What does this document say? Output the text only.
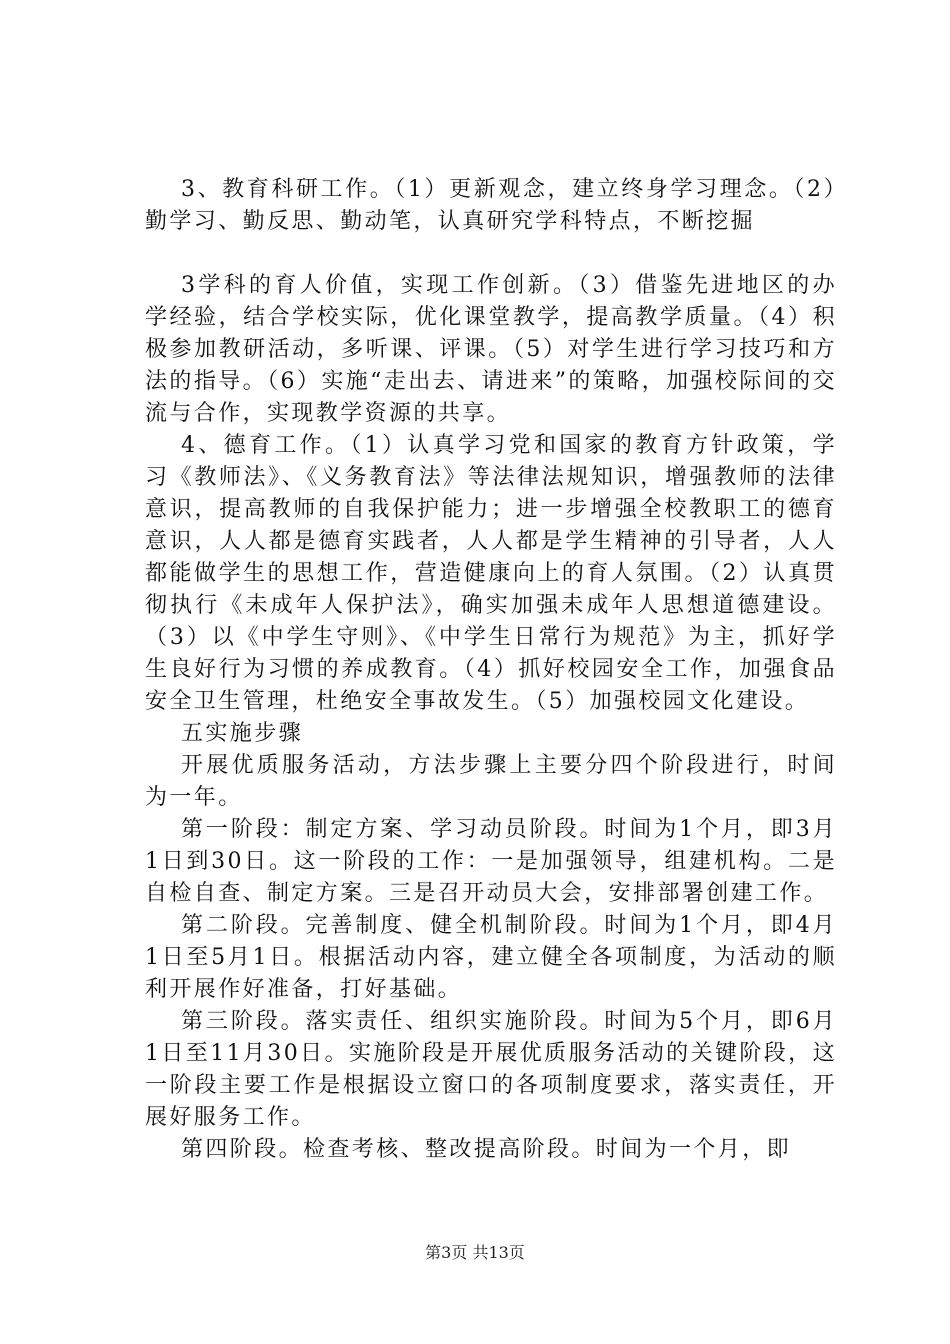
3、教育科研工作。（1）更新观念，建立终身学习理念。（2）勤学习、勤反思、勤动笔，认真研究学科特点，不断挖掘

3学科的育人价值，实现工作创新。（3）借鉴先进地区的办学经验，结合学校实际，优化课堂教学，提高教学质量。（4）积极参加教研活动，多听课、评课。（5）对学生进行学习技巧和方法的指导。（6）实施“走出去、请进来”的策略，加强校际间的交流与合作，实现教学资源的共享。

4、德育工作。（1）认真学习党和国家的教育方针政策，学习《教师法》、《义务教育法》等法律法规知识，增强教师的法律意识，提高教师的自我保护能力；进一步增强全校教职工的德育意识，人人都是德育实践者，人人都是学生精神的引导者，人人都能做学生的思想工作，营造健康向上的育人氛围。（2）认真贯彻执行《未成年人保护法》，确实加强未成年人思想道德建设。（3）以《中学生守则》、《中学生日常行为规范》为主，抓好学生良好行为习惯的养成教育。（4）抓好校园安全工作，加强食品安全卫生管理，杜绝安全事故发生。（5）加强校园文化建设。

五实施步骤

开展优质服务活动，方法步骤上主要分四个阶段进行，时间为一年。

第一阶段：制定方案、学习动员阶段。时间为1个月，即3月1日到30日。这一阶段的工作：一是加强领导，组建机构。二是自检自查、制定方案。三是召开动员大会，安排部署创建工作。

第二阶段。完善制度、健全机制阶段。时间为1个月，即4月1日至5月1日。根据活动内容，建立健全各项制度，为活动的顺利开展作好准备，打好基础。

第三阶段。落实责任、组织实施阶段。时间为5个月，即6月1日至11月30日。实施阶段是开展优质服务活动的关键阶段，这一阶段主要工作是根据设立窗口的各项制度要求，落实责任，开展好服务工作。

第四阶段。检查考核、整改提高阶段。时间为一个月，即

第3页 共13页
